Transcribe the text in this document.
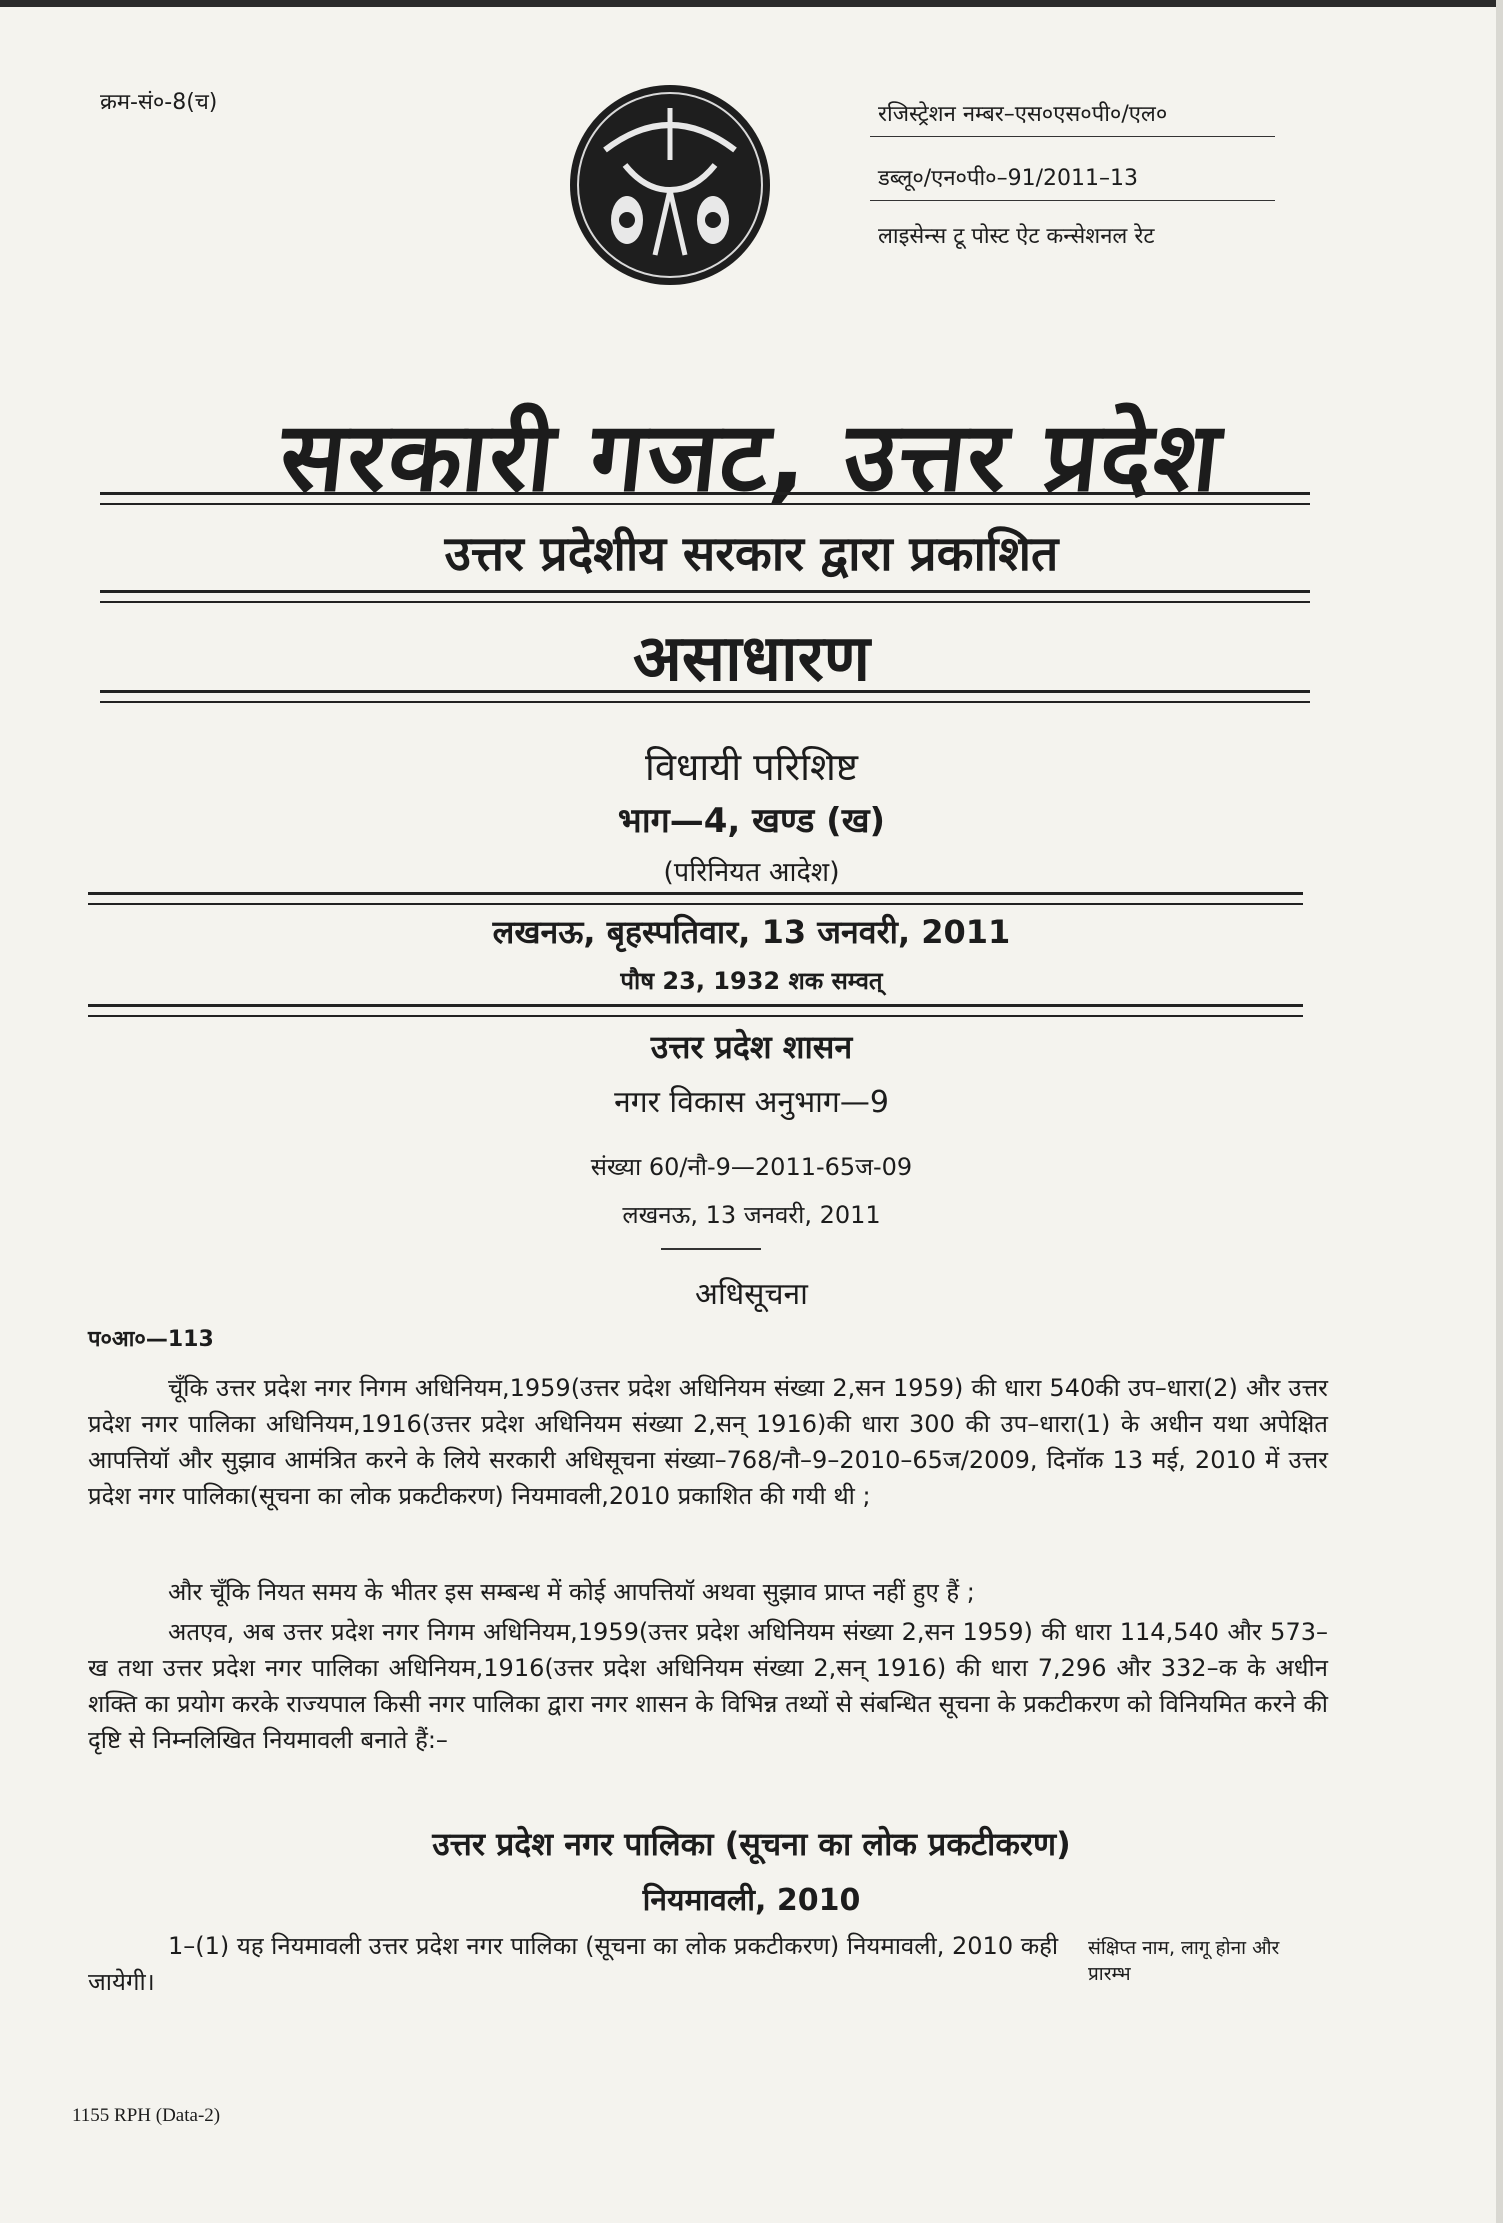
क्रम-सं०-8(च)	रजिस्ट्रेशन नम्बर–एस०एस०पी०/एल०
डब्लू०/एन०पी०–91/2011–13
लाइसेन्स टू पोस्ट ऐट कन्सेशनल रेट
सरकारी गजट, उत्तर प्रदेश
उत्तर प्रदेशीय सरकार द्वारा प्रकाशित
असाधारण
विधायी परिशिष्ट
भाग—4, खण्ड (ख)
(परिनियत आदेश)
लखनऊ, बृहस्पतिवार, 13 जनवरी, 2011
पौष 23, 1932 शक सम्वत्
उत्तर प्रदेश शासन
नगर विकास अनुभाग—9
संख्या 60/नौ-9—2011-65ज-09
लखनऊ, 13 जनवरी, 2011
अधिसूचना
प०आ०—113
चूँकि उत्तर प्रदेश नगर निगम अधिनियम,1959(उत्तर प्रदेश अधिनियम संख्या 2,सन 1959) की धारा 540की उप–धारा(2) और उत्तर प्रदेश नगर पालिका अधिनियम,1916(उत्तर प्रदेश अधिनियम संख्या 2,सन् 1916)की धारा 300 की उप–धारा(1) के अधीन यथा अपेक्षित आपत्तियॉ और सुझाव आमंत्रित करने के लिये सरकारी अधिसूचना संख्या–768/नौ–9–2010–65ज/2009, दिनॉक 13 मई, 2010 में उत्तर प्रदेश नगर पालिका(सूचना का लोक प्रकटीकरण) नियमावली,2010 प्रकाशित की गयी थी ;
और चूँकि नियत समय के भीतर इस सम्बन्ध में कोई आपत्तियॉ अथवा सुझाव प्राप्त नहीं हुए हैं ;
अतएव, अब उत्तर प्रदेश नगर निगम अधिनियम,1959(उत्तर प्रदेश अधिनियम संख्या 2,सन 1959) की धारा 114,540 और 573–ख तथा उत्तर प्रदेश नगर पालिका अधिनियम,1916(उत्तर प्रदेश अधिनियम संख्या 2,सन् 1916) की धारा 7,296 और 332–क के अधीन शक्ति का प्रयोग करके राज्यपाल किसी नगर पालिका द्वारा नगर शासन के विभिन्न तथ्यों से संबन्धित सूचना के प्रकटीकरण को विनियमित करने की दृष्टि से निम्नलिखित नियमावली बनाते हैं:–
उत्तर प्रदेश नगर पालिका (सूचना का लोक प्रकटीकरण)
नियमावली, 2010
1–(1) यह नियमावली उत्तर प्रदेश नगर पालिका (सूचना का लोक प्रकटीकरण) नियमावली, 2010 कही जायेगी।
संक्षिप्त नाम, लागू होना और प्रारम्भ
1155 RPH (Data-2)
